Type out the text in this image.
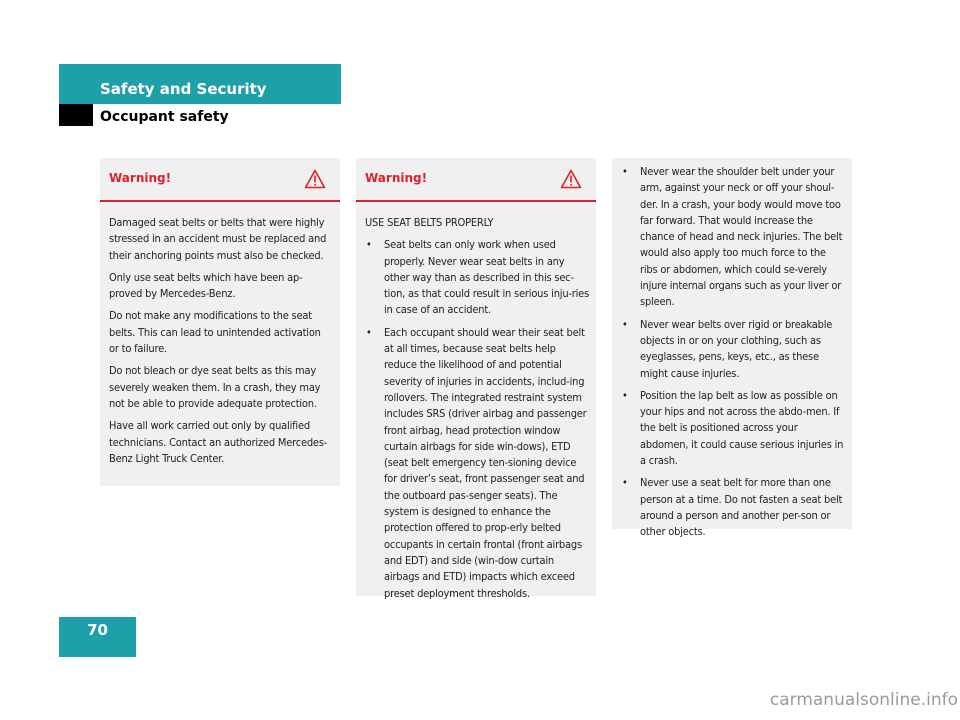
Safety and Security
Occupant safety
Warning!

Damaged seat belts or belts that were highly stressed in an accident must be replaced and their anchoring points must also be checked.

Only use seat belts which have been ap-proved by Mercedes-Benz.

Do not make any modifications to the seat belts. This can lead to unintended activation or to failure.

Do not bleach or dye seat belts as this may severely weaken them. In a crash, they may not be able to provide adequate protection.

Have all work carried out only by qualified technicians. Contact an authorized Mercedes-Benz Light Truck Center.

Warning!

USE SEAT BELTS PROPERLY

• Seat belts can only work when used properly. Never wear seat belts in any other way than as described in this sec-tion, as that could result in serious inju-ries in case of an accident.
• Each occupant should wear their seat belt at all times, because seat belts help reduce the likelihood of and potential severity of injuries in accidents, includ-ing rollovers. The integrated restraint system includes SRS (driver airbag and passenger front airbag, head protection window curtain airbags for side win-dows), ETD (seat belt emergency ten-sioning device for driver’s seat, front passenger seat and the outboard pas-senger seats). The system is designed to enhance the protection offered to prop-erly belted occupants in certain frontal (front airbags and EDT) and side (win-dow curtain airbags and ETD) impacts which exceed preset deployment thresholds.
• Never wear the shoulder belt under your arm, against your neck or off your shoul-der. In a crash, your body would move too far forward. That would increase the chance of head and neck injuries. The belt would also apply too much force to the ribs or abdomen, which could se-verely injure internal organs such as your liver or spleen.
• Never wear belts over rigid or breakable objects in or on your clothing, such as eyeglasses, pens, keys, etc., as these might cause injuries.
• Position the lap belt as low as possible on your hips and not across the abdo-men. If the belt is positioned across your abdomen, it could cause serious injuries in a crash.
• Never use a seat belt for more than one person at a time. Do not fasten a seat belt around a person and another per-son or other objects.
70
carmanualsonline.info
